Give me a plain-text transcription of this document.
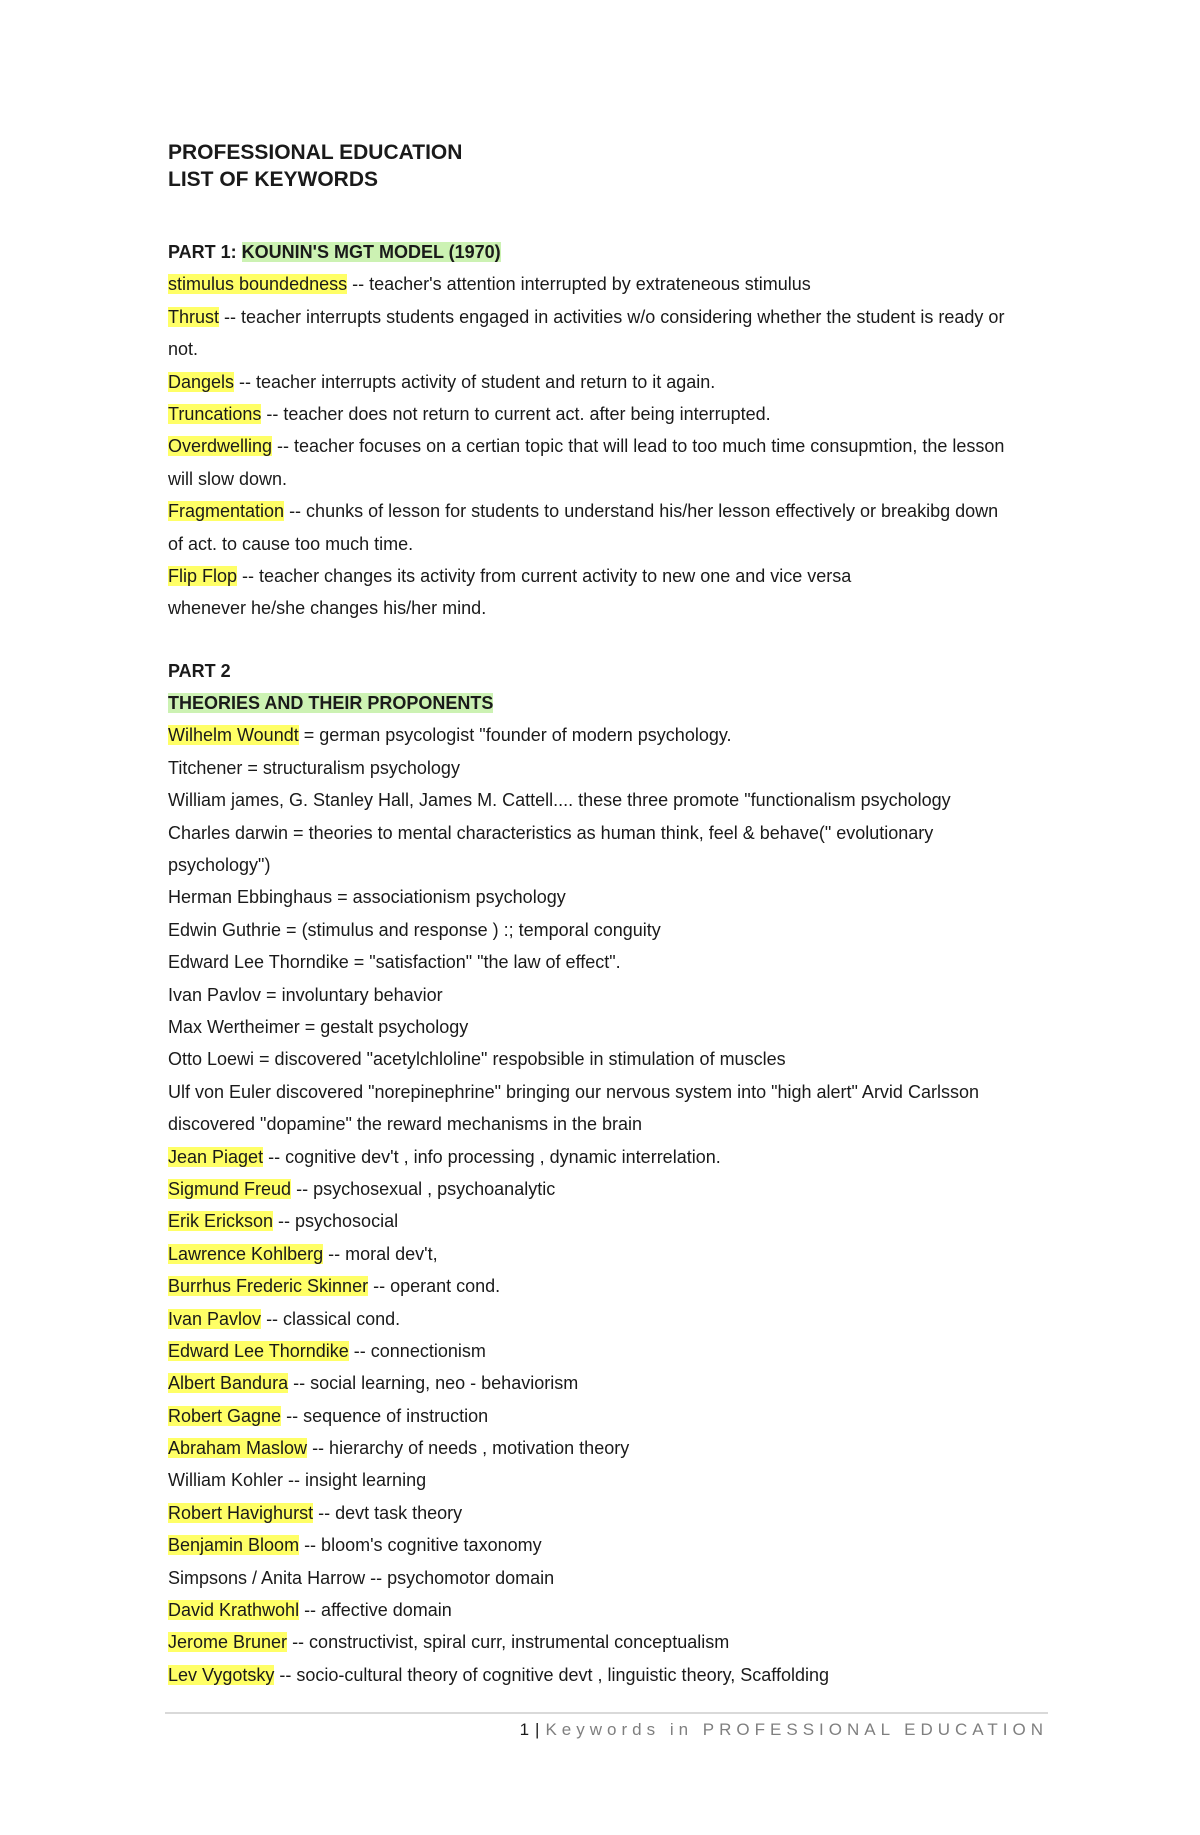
PROFESSIONAL EDUCATION
LIST OF KEYWORDS
PART 1: KOUNIN'S MGT MODEL (1970)
stimulus boundedness -- teacher's attention interrupted by extrateneous stimulus
Thrust -- teacher interrupts students engaged in activities w/o considering whether the student is ready or
not.
Dangels -- teacher interrupts activity of student and return to it again.
Truncations -- teacher does not return to current act. after being interrupted.
Overdwelling -- teacher focuses on a certian topic that will lead to too much time consupmtion, the lesson
will slow down.
Fragmentation -- chunks of lesson for students to understand his/her lesson effectively or breakibg down
of act. to cause too much time.
Flip Flop -- teacher changes its activity from current activity to new one and vice versa
whenever he/she changes his/her mind.
PART 2
THEORIES AND THEIR PROPONENTS
Wilhelm Woundt = german psycologist "founder of modern psychology.
Titchener = structuralism psychology
William james, G. Stanley Hall, James M. Cattell.... these three promote "functionalism psychology
Charles darwin = theories to mental characteristics as human think, feel & behave(" evolutionary
psychology")
Herman Ebbinghaus = associationism psychology
Edwin Guthrie = (stimulus and response ) :; temporal conguity
Edward Lee Thorndike = "satisfaction" "the law of effect".
Ivan Pavlov = involuntary behavior
Max Wertheimer = gestalt psychology
Otto Loewi = discovered "acetylchloline" respobsible in stimulation of muscles
Ulf von Euler discovered "norepinephrine" bringing our nervous system into "high alert" Arvid Carlsson
discovered "dopamine" the reward mechanisms in the brain
Jean Piaget -- cognitive dev't , info processing , dynamic interrelation.
Sigmund Freud -- psychosexual , psychoanalytic
Erik Erickson -- psychosocial
Lawrence Kohlberg -- moral dev't,
Burrhus Frederic Skinner -- operant cond.
Ivan Pavlov -- classical cond.
Edward Lee Thorndike -- connectionism
Albert Bandura -- social learning, neo - behaviorism
Robert Gagne -- sequence of instruction
Abraham Maslow -- hierarchy of needs , motivation theory
William Kohler -- insight learning
Robert Havighurst -- devt task theory
Benjamin Bloom -- bloom's cognitive taxonomy
Simpsons / Anita Harrow -- psychomotor domain
David Krathwohl -- affective domain
Jerome Bruner -- constructivist, spiral curr, instrumental conceptualism
Lev Vygotsky -- socio-cultural theory of cognitive devt , linguistic theory, Scaffolding
1 | Keywords in PROFESSIONAL EDUCATION
